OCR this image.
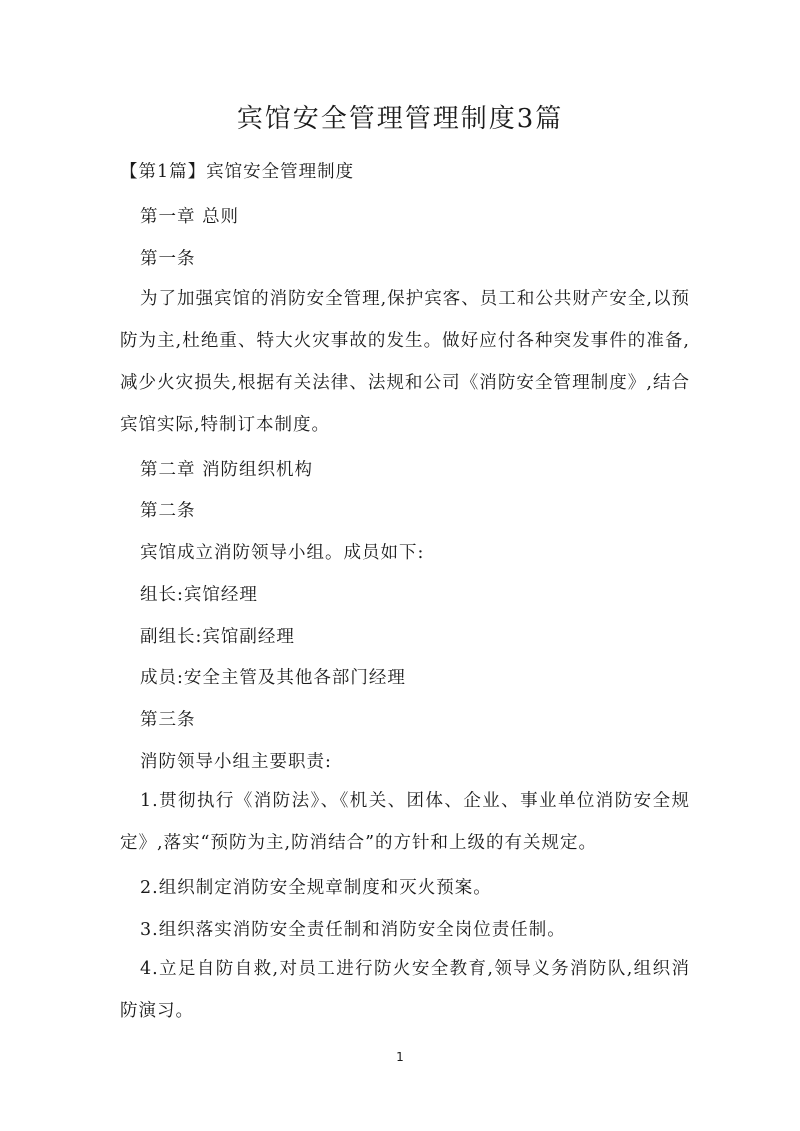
宾馆安全管理管理制度3篇

【第1篇】宾馆安全管理制度

第一章 总则

第一条

为了加强宾馆的消防安全管理,保护宾客、员工和公共财产安全,以预防为主,杜绝重、特大火灾事故的发生。做好应付各种突发事件的准备,减少火灾损失,根据有关法律、法规和公司《消防安全管理制度》,结合宾馆实际,特制订本制度。

第二章 消防组织机构

第二条

宾馆成立消防领导小组。成员如下:

组长:宾馆经理

副组长:宾馆副经理

成员:安全主管及其他各部门经理

第三条

消防领导小组主要职责:

1.贯彻执行《消防法》、《机关、团体、企业、事业单位消防安全规定》,落实“预防为主,防消结合”的方针和上级的有关规定。

2.组织制定消防安全规章制度和灭火预案。

3.组织落实消防安全责任制和消防安全岗位责任制。

4.立足自防自救,对员工进行防火安全教育,领导义务消防队,组织消防演习。

1
